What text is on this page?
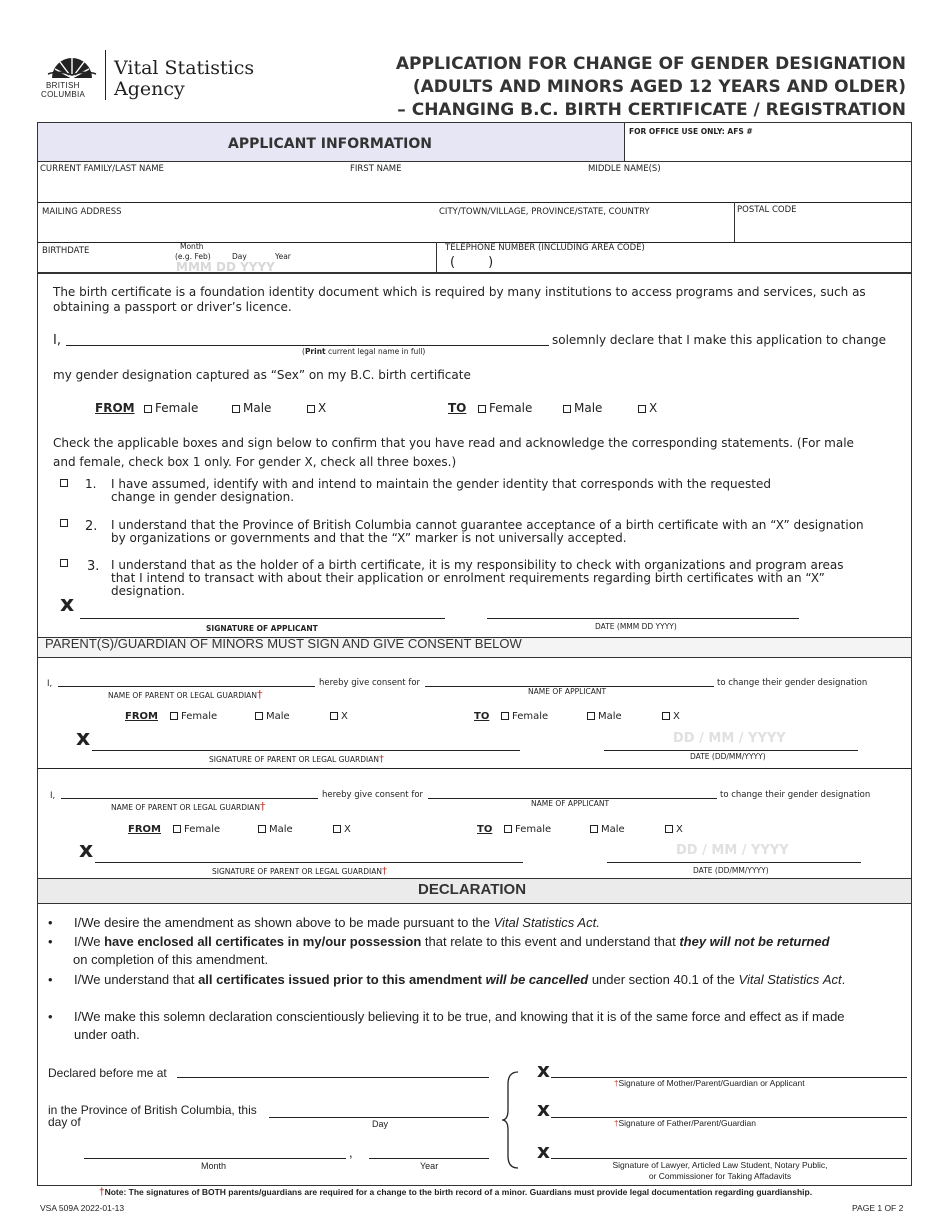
BRITISH
COLUMBIA
Vital Statistics
Agency
APPLICATION FOR CHANGE OF GENDER DESIGNATION
(ADULTS AND MINORS AGED 12 YEARS AND OLDER)
– CHANGING B.C. BIRTH CERTIFICATE / REGISTRATION
APPLICANT INFORMATION
FOR OFFICE USE ONLY: AFS #
CURRENT FAMILY/LAST NAME	FIRST NAME	MIDDLE NAME(S)
MAILING ADDRESS	CITY/TOWN/VILLAGE, PROVINCE/STATE, COUNTRY	POSTAL CODE
BIRTHDATE	Month
(e.g. Feb)	Day	Year
MMM DD YYYY
TELEPHONE NUMBER (INCLUDING AREA CODE)
(        )
The birth certificate is a foundation identity document which is required by many institutions to access programs and services, such as obtaining a passport or driver’s licence.
I,	solemnly declare that I make this application to change
(Print current legal name in full)
my gender designation captured as “Sex” on my B.C. birth certificate
FROM	Female	Male	X	TO	Female	Male	X
Check the applicable boxes and sign below to confirm that you have read and acknowledge the corresponding statements. (For male and female, check box 1 only. For gender X, check all three boxes.)
1. I have assumed, identify with and intend to maintain the gender identity that corresponds with the requested change in gender designation.
2. I understand that the Province of British Columbia cannot guarantee acceptance of a birth certificate with an “X” designation by organizations or governments and that the “X” marker is not universally accepted.
3. I understand that as the holder of a birth certificate, it is my responsibility to check with organizations and program areas that I intend to transact with about their application or enrolment requirements regarding birth certificates with an “X” designation.
x
SIGNATURE OF APPLICANT	DATE (MMM DD YYYY)
PARENT(S)/GUARDIAN OF MINORS MUST SIGN AND GIVE CONSENT BELOW
I,	hereby give consent for	to change their gender designation
NAME OF PARENT OR LEGAL GUARDIAN†	NAME OF APPLICANT
FROM	Female	Male	X	TO	Female	Male	X
x
SIGNATURE OF PARENT OR LEGAL GUARDIAN†
DD / MM / YYYY
DATE (DD/MM/YYYY)
I,	hereby give consent for	to change their gender designation
NAME OF PARENT OR LEGAL GUARDIAN†	NAME OF APPLICANT
FROM	Female	Male	X	TO	Female	Male	X
x
SIGNATURE OF PARENT OR LEGAL GUARDIAN†
DD / MM / YYYY
DATE (DD/MM/YYYY)
DECLARATION
• I/We desire the amendment as shown above to be made pursuant to the Vital Statistics Act.
• I/We have enclosed all certificates in my/our possession that relate to this event and understand that they will not be returned
on completion of this amendment.
• I/We understand that all certificates issued prior to this amendment will be cancelled under section 40.1 of the Vital Statistics Act.
• I/We make this solemn declaration conscientiously believing it to be true, and knowing that it is of the same force and effect as if made under oath.
Declared before me at
in the Province of British Columbia, this
day of	Day
,
Month	Year
x
†Signature of Mother/Parent/Guardian or Applicant
x
†Signature of Father/Parent/Guardian
x
Signature of Lawyer, Articled Law Student, Notary Public,
or Commissioner for Taking Affadavits
†Note: The signatures of BOTH parents/guardians are required for a change to the birth record of a minor. Guardians must provide legal documentation regarding guardianship.
VSA 509A 2022-01-13	PAGE 1 OF 2
